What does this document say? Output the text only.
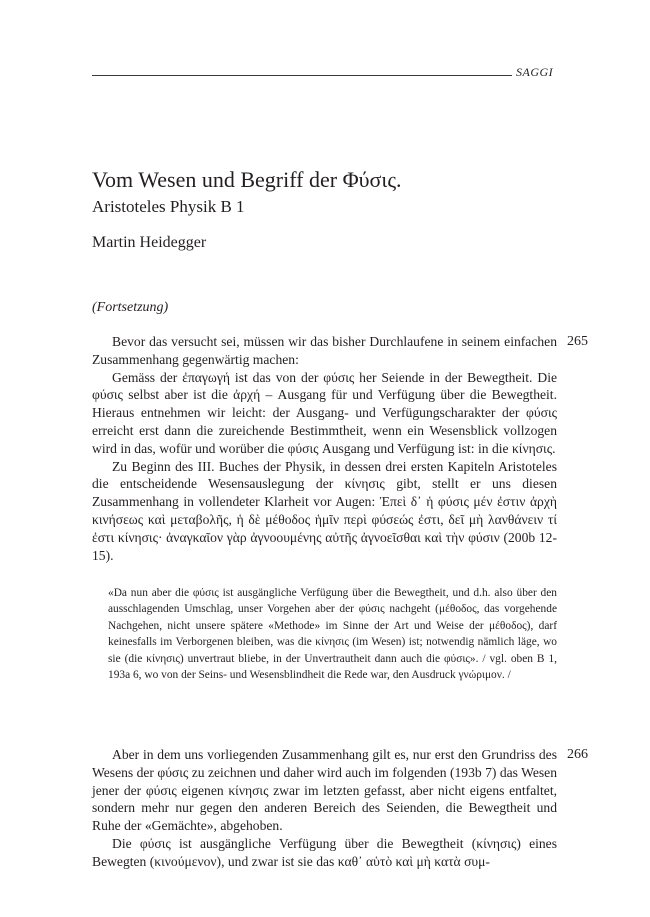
SAGGI
Vom Wesen und Begriff der Φύσις.
Aristoteles Physik B 1
Martin Heidegger
(Fortsetzung)
265
266

Bevor das versucht sei, müssen wir das bisher Durchlaufene in seinem einfachen Zusammenhang gegenwärtig machen:

Gemäss der ἐπαγωγή ist das von der φύσις her Seiende in der Bewegtheit. Die φύσις selbst aber ist die ἀρχή – Ausgang für und Verfügung über die Bewegtheit. Hieraus entnehmen wir leicht: der Ausgang- und Verfügungscharakter der φύσις erreicht erst dann die zureichende Bestimmtheit, wenn ein Wesensblick vollzogen wird in das, wofür und worüber die φύσις Ausgang und Verfügung ist: in die κίνησις.

Zu Beginn des III. Buches der Physik, in dessen drei ersten Kapiteln Aristoteles die entscheidende Wesensauslegung der κίνησις gibt, stellt er uns diesen Zusammenhang in vollendeter Klarheit vor Augen: Ἐπεὶ δ᾽ ἡ φύσις μέν ἐστιν ἀρχὴ κινήσεως καὶ μεταβολῆς, ἡ δὲ μέθοδος ἡμῖν περὶ φύσεώς ἐστι, δεῖ μὴ λανθάνειν τί ἐστι κίνησις· ἀναγκαῖον γὰρ ἀγνοουμένης αὐτῆς ἀγνοεῖσθαι καὶ τὴν φύσιν (200b 12-15).

«Da nun aber die φύσις ist ausgängliche Verfügung über die Bewegtheit, und d.h. also über den ausschlagenden Umschlag, unser Vorgehen aber der φύσις nachgeht (μέθοδος, das vorgehende Nachgehen, nicht unsere spätere «Methode» im Sinne der Art und Weise der μέθοδος), darf keinesfalls im Verborgenen bleiben, was die κίνησις (im Wesen) ist; notwendig nämlich läge, wo sie (die κίνησις) unvertraut bliebe, in der Unvertrautheit dann auch die φύσις». / vgl. oben B 1, 193a 6, wo von der Seins- und Wesensblindheit die Rede war, den Ausdruck γνώριμον. /

Aber in dem uns vorliegenden Zusammenhang gilt es, nur erst den Grundriss des Wesens der φύσις zu zeichnen und daher wird auch im folgenden (193b 7) das Wesen jener der φύσις eigenen κίνησις zwar im letzten gefasst, aber nicht eigens entfaltet, sondern mehr nur gegen den anderen Bereich des Seienden, die Bewegtheit und Ruhe der «Gemächte», abgehoben.

Die φύσις ist ausgängliche Verfügung über die Bewegtheit (κίνησις) eines Bewegten (κινούμενον), und zwar ist sie das καθ᾽ αὑτὸ καὶ μὴ κατὰ συμ-
